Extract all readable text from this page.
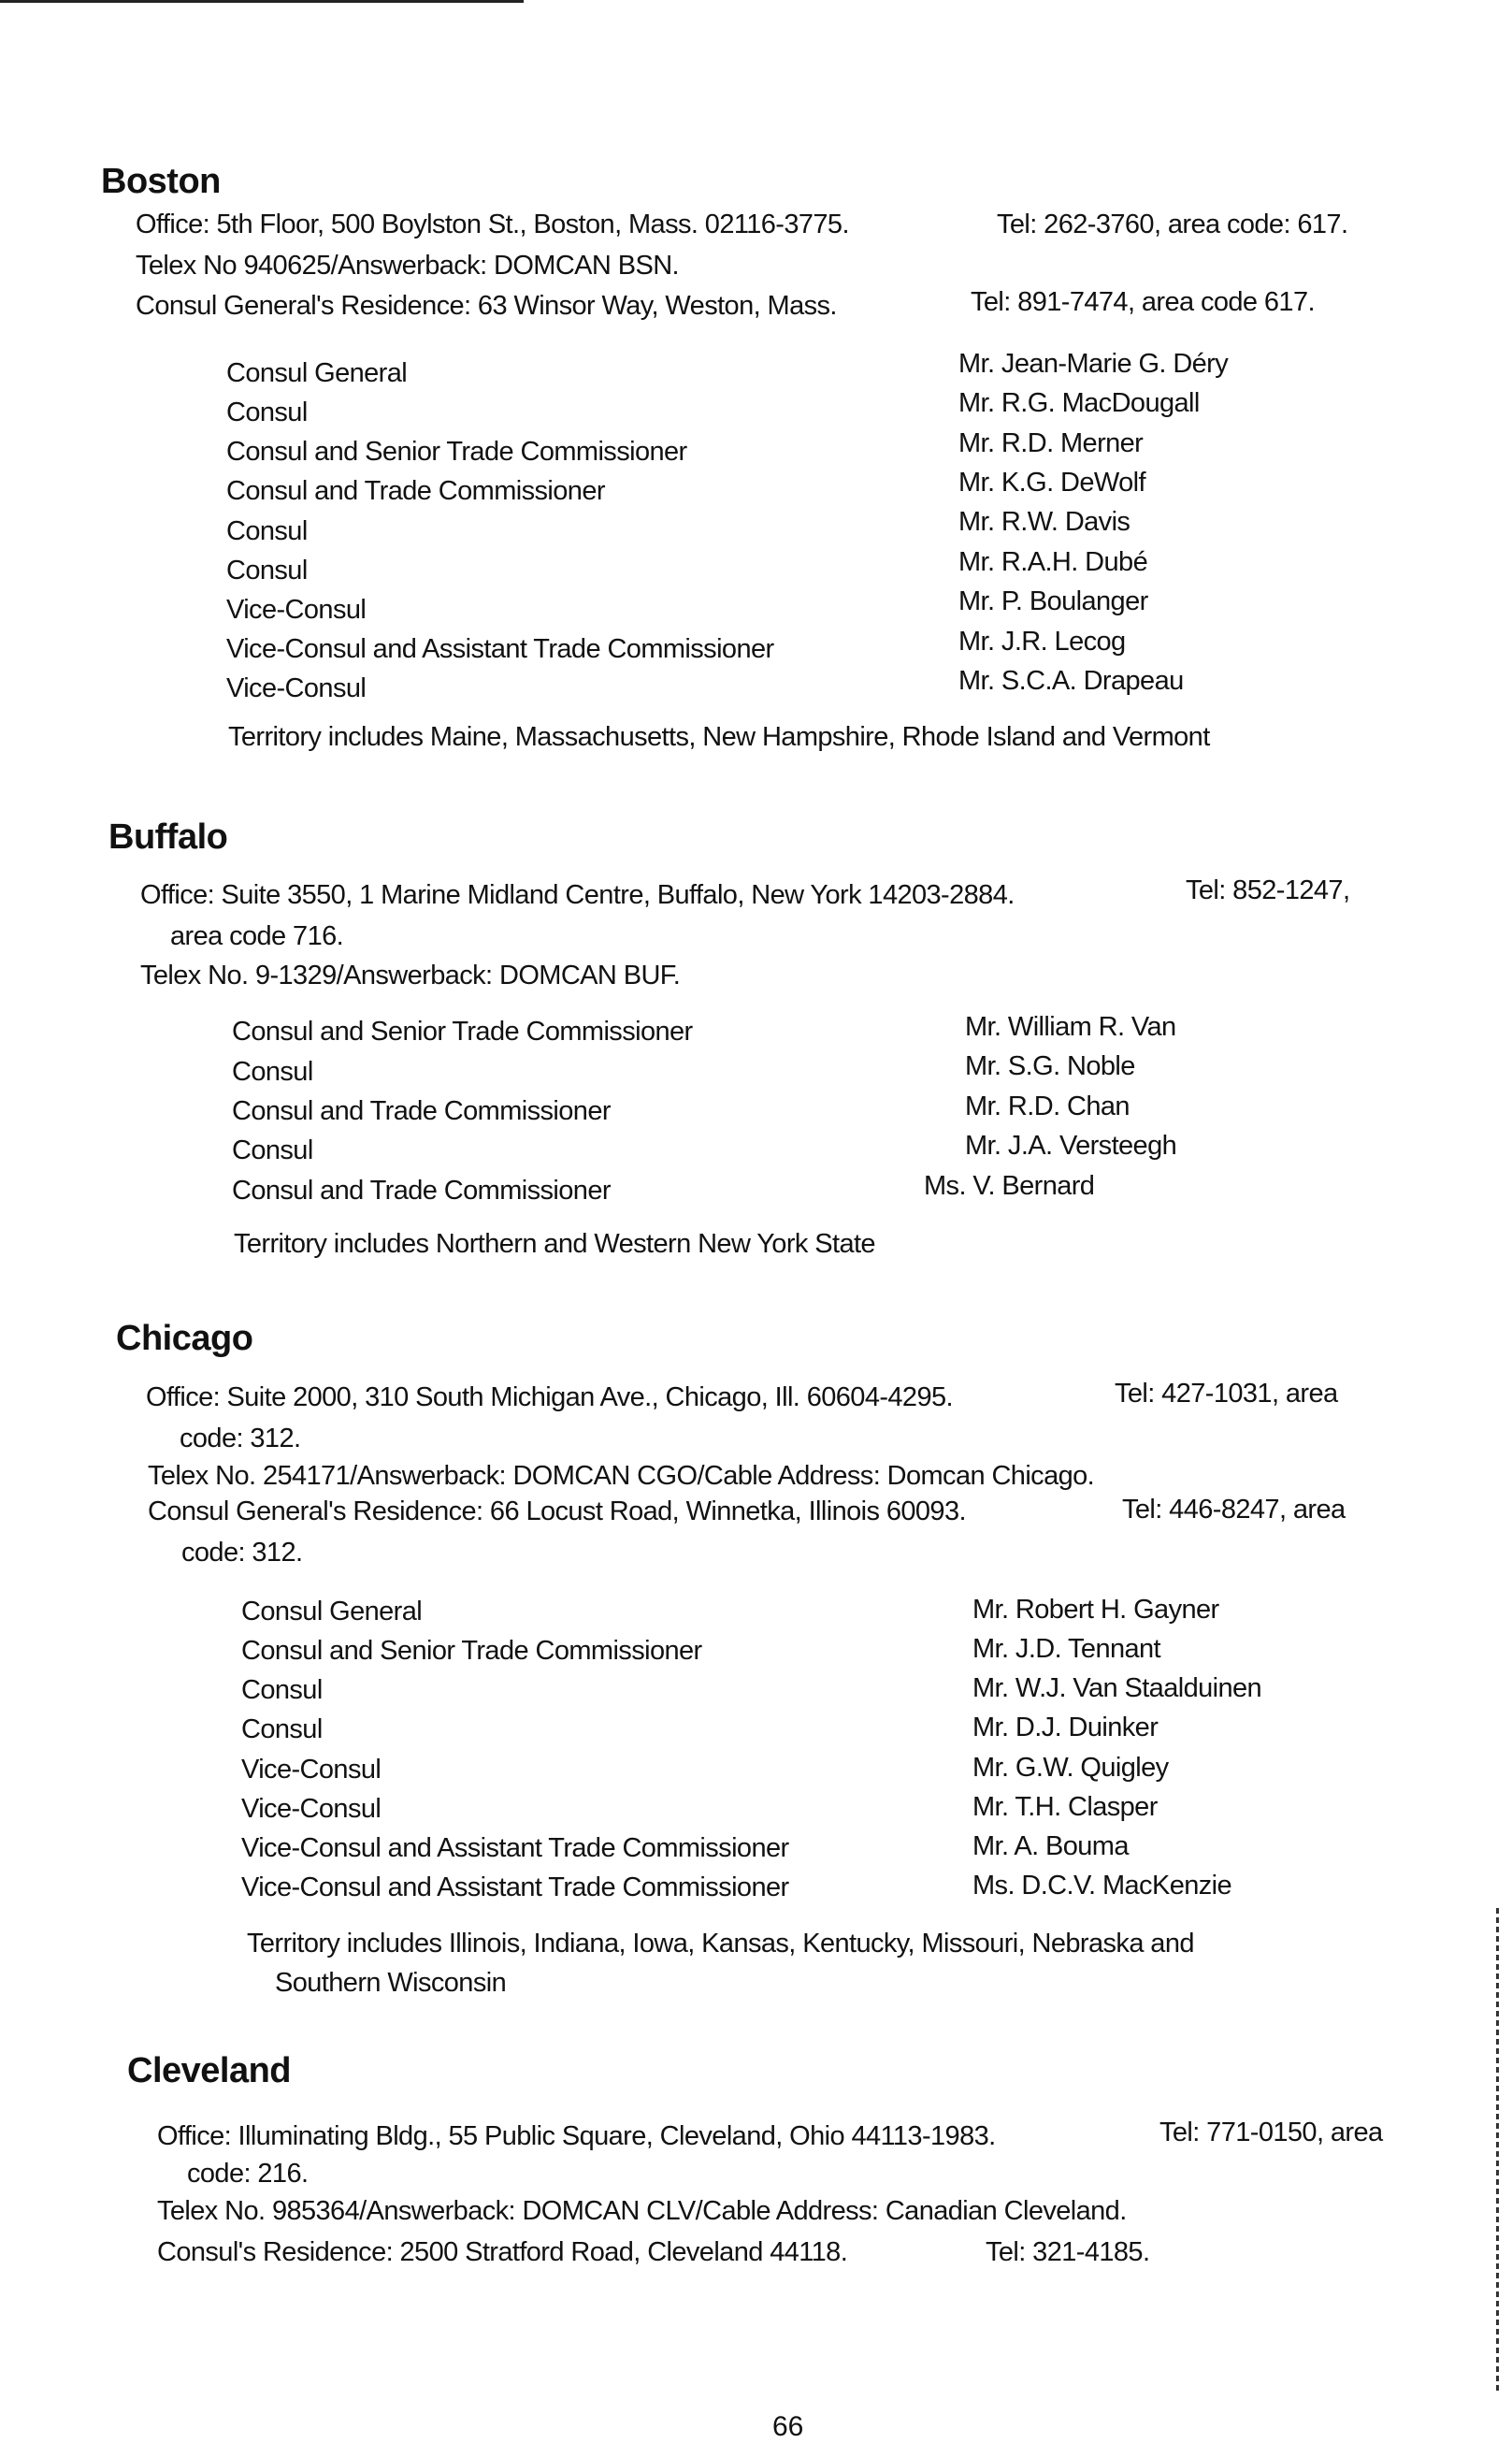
Boston
Office: 5th Floor, 500 Boylston St., Boston, Mass. 02116-3775.	Tel: 262-3760, area code: 617.
Telex No 940625/Answerback: DOMCAN BSN.
Consul General's Residence: 63 Winsor Way, Weston, Mass.	Tel: 891-7474, area code 617.
Consul General	Mr. Jean-Marie G. Déry
Consul	Mr. R.G. MacDougall
Consul and Senior Trade Commissioner	Mr. R.D. Merner
Consul and Trade Commissioner	Mr. K.G. DeWolf
Consul	Mr. R.W. Davis
Consul	Mr. R.A.H. Dubé
Vice-Consul	Mr. P. Boulanger
Vice-Consul and Assistant Trade Commissioner	Mr. J.R. Lecog
Vice-Consul	Mr. S.C.A. Drapeau
Territory includes Maine, Massachusetts, New Hampshire, Rhode Island and Vermont
Buffalo
Office: Suite 3550, 1 Marine Midland Centre, Buffalo, New York 14203-2884.	Tel: 852-1247,
area code 716.
Telex No. 9-1329/Answerback: DOMCAN BUF.
Consul and Senior Trade Commissioner	Mr. William R. Van
Consul	Mr. S.G. Noble
Consul and Trade Commissioner	Mr. R.D. Chan
Consul	Mr. J.A. Versteegh
Consul and Trade Commissioner	Ms. V. Bernard
Territory includes Northern and Western New York State
Chicago
Office: Suite 2000, 310 South Michigan Ave., Chicago, Ill. 60604-4295.	Tel: 427-1031, area
code: 312.
Telex No. 254171/Answerback: DOMCAN CGO/Cable Address: Domcan Chicago.
Consul General's Residence: 66 Locust Road, Winnetka, Illinois 60093.	Tel: 446-8247, area
code: 312.
Consul General	Mr. Robert H. Gayner
Consul and Senior Trade Commissioner	Mr. J.D. Tennant
Consul	Mr. W.J. Van Staalduinen
Consul	Mr. D.J. Duinker
Vice-Consul	Mr. G.W. Quigley
Vice-Consul	Mr. T.H. Clasper
Vice-Consul and Assistant Trade Commissioner	Mr. A. Bouma
Vice-Consul and Assistant Trade Commissioner	Ms. D.C.V. MacKenzie
Territory includes Illinois, Indiana, Iowa, Kansas, Kentucky, Missouri, Nebraska and
Southern Wisconsin
Cleveland
Office: Illuminating Bldg., 55 Public Square, Cleveland, Ohio 44113-1983.	Tel: 771-0150, area
code: 216.
Telex No. 985364/Answerback: DOMCAN CLV/Cable Address: Canadian Cleveland.
Consul's Residence: 2500 Stratford Road, Cleveland 44118.	Tel: 321-4185.
66
